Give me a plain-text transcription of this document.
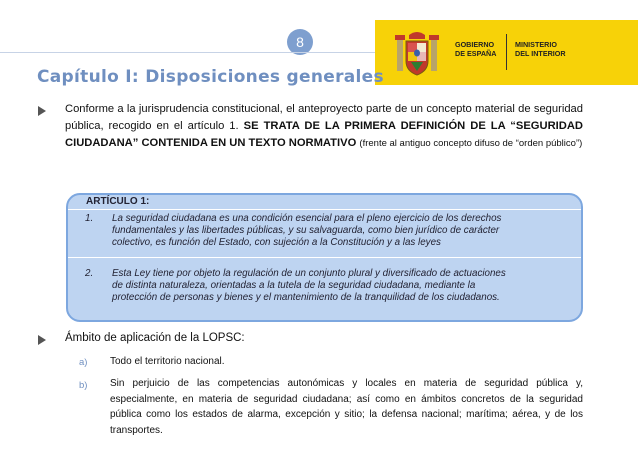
8	GOBIERNO
DE ESPAÑA
MINISTERIO
DEL INTERIOR
Capítulo I: Disposiciones generales
Conforme a la jurisprudencia constitucional, el anteproyecto parte de un concepto material de seguridad pública, recogido en el artículo 1. SE TRATA DE LA PRIMERA DEFINICIÓN DE LA “SEGURIDAD CIUDADANA” CONTENIDA EN UN TEXTO NORMATIVO (frente al antiguo concepto difuso de “orden público”)
ARTÍCULO 1:
1. La seguridad ciudadana es una condición esencial para el pleno ejercicio de los derechos
fundamentales y las libertades públicas, y su salvaguarda, como bien jurídico de carácter
colectivo, es función del Estado, con sujeción a la Constitución y a las leyes
2. Esta Ley tiene por objeto la regulación de un conjunto plural y diversificado de actuaciones
de distinta naturaleza, orientadas a la tutela de la seguridad ciudadana, mediante la
protección de personas y bienes y el mantenimiento de la tranquilidad de los ciudadanos.
Ámbito de aplicación de la LOPSC:
a) Todo el territorio nacional.
b) Sin perjuicio de las competencias autonómicas y locales en materia de seguridad pública y, especialmente, en materia de seguridad ciudadana; así como en ámbitos concretos de la seguridad pública como los estados de alarma, excepción y sitio; la defensa nacional; marítima; aérea, y de los transportes.
